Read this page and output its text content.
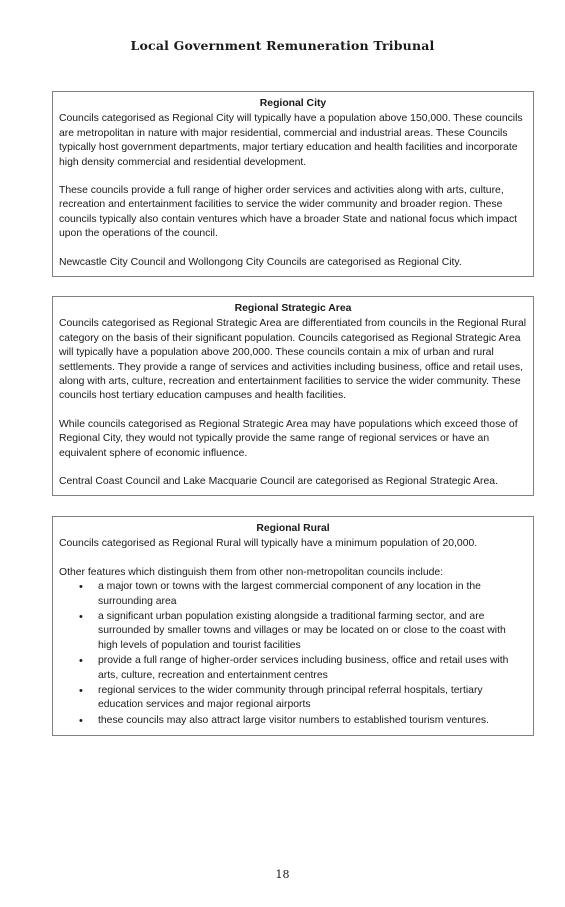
Local Government Remuneration Tribunal
Regional City

Councils categorised as Regional City will typically have a population above 150,000. These councils are metropolitan in nature with major residential, commercial and industrial areas. These Councils typically host government departments, major tertiary education and health facilities and incorporate high density commercial and residential development.

These councils provide a full range of higher order services and activities along with arts, culture, recreation and entertainment facilities to service the wider community and broader region. These councils typically also contain ventures which have a broader State and national focus which impact upon the operations of the council.

Newcastle City Council and Wollongong City Councils are categorised as Regional City.

Regional Strategic Area

Councils categorised as Regional Strategic Area are differentiated from councils in the Regional Rural category on the basis of their significant population. Councils categorised as Regional Strategic Area will typically have a population above 200,000. These councils contain a mix of urban and rural settlements. They provide a range of services and activities including business, office and retail uses, along with arts, culture, recreation and entertainment facilities to service the wider community. These councils host tertiary education campuses and health facilities.

While councils categorised as Regional Strategic Area may have populations which exceed those of Regional City, they would not typically provide the same range of regional services or have an equivalent sphere of economic influence.

Central Coast Council and Lake Macquarie Council are categorised as Regional Strategic Area.

Regional Rural

Councils categorised as Regional Rural will typically have a minimum population of 20,000.

Other features which distinguish them from other non-metropolitan councils include:

• a major town or towns with the largest commercial component of any location in the surrounding area
• a significant urban population existing alongside a traditional farming sector, and are surrounded by smaller towns and villages or may be located on or close to the coast with high levels of population and tourist facilities
• provide a full range of higher-order services including business, office and retail uses with arts, culture, recreation and entertainment centres
• regional services to the wider community through principal referral hospitals, tertiary education services and major regional airports
• these councils may also attract large visitor numbers to established tourism ventures.
18
